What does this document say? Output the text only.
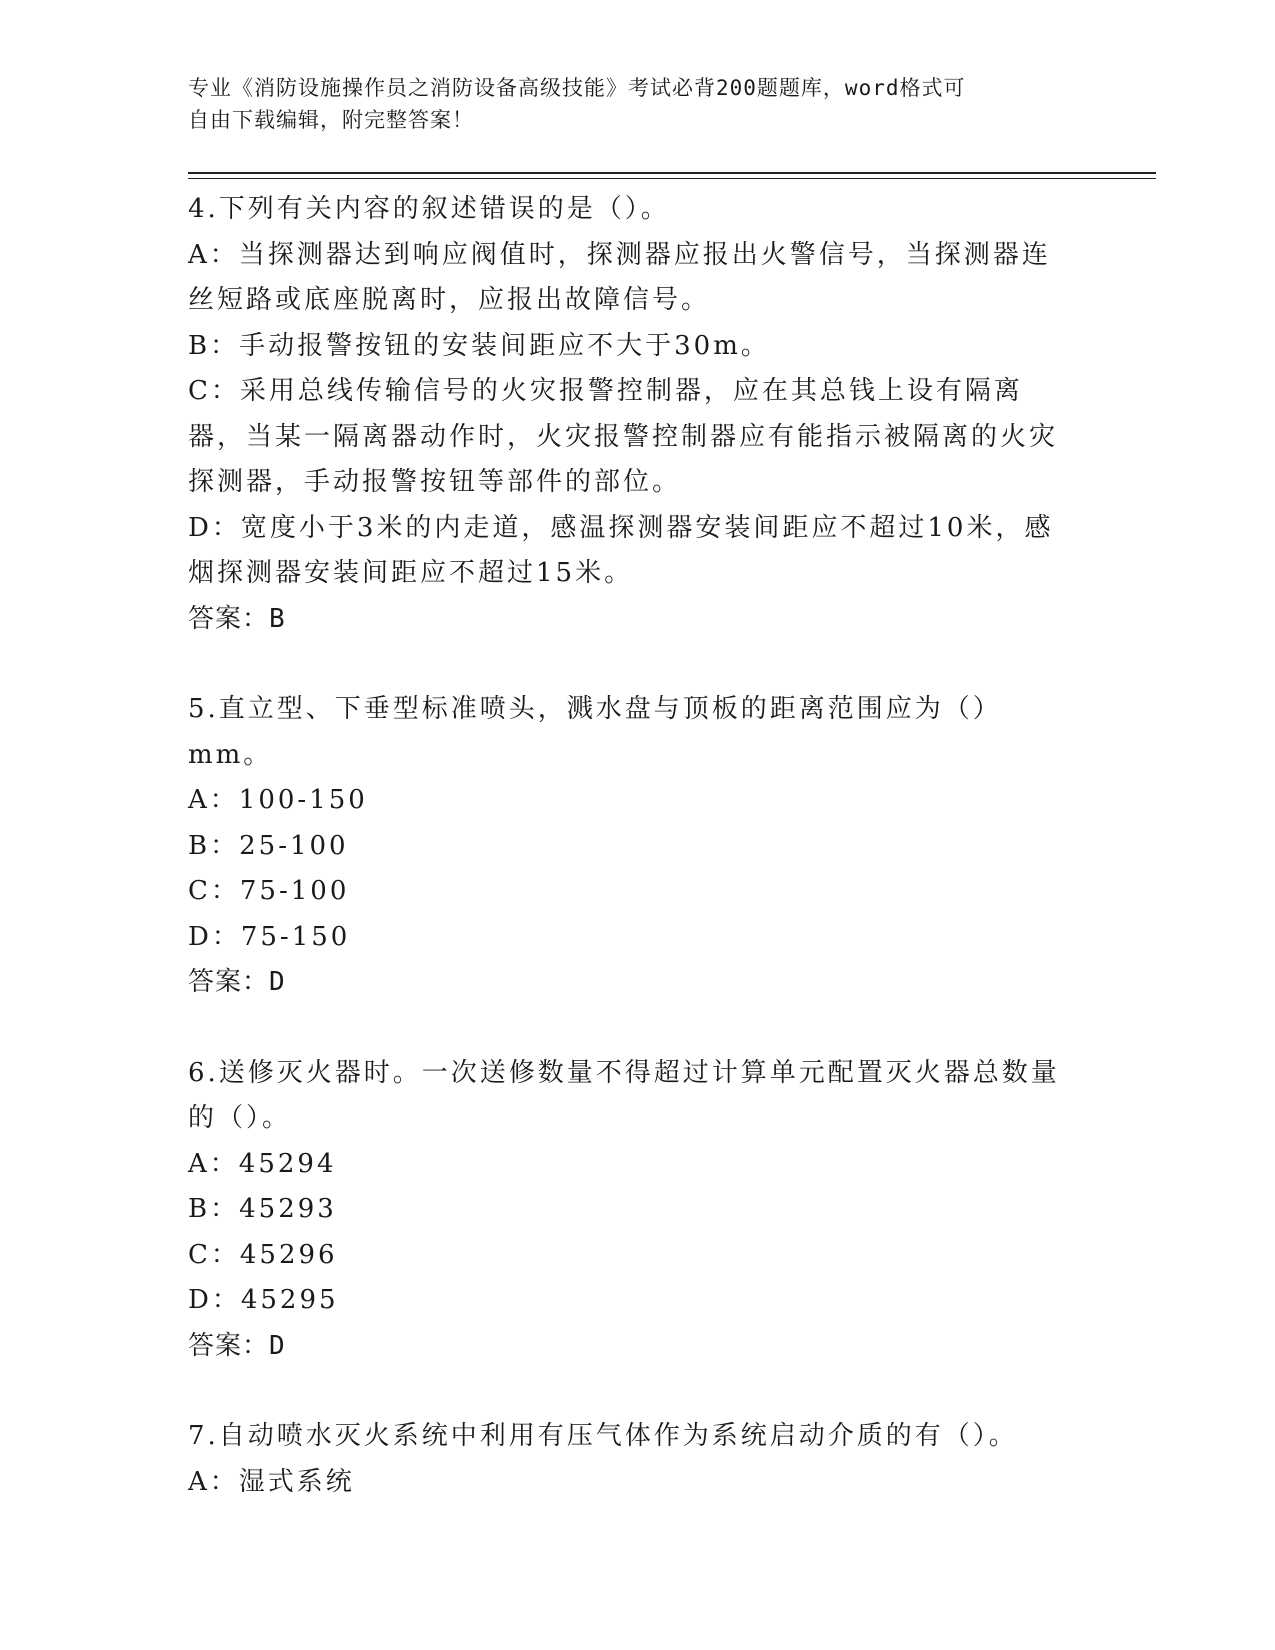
专业《消防设施操作员之消防设备高级技能》考试必背200题题库，word格式可
自由下载编辑，附完整答案！

4.下列有关内容的叙述错误的是（）。

A：当探测器达到响应阀值时，探测器应报出火警信号，当探测器连丝短路或底座脱离时，应报出故障信号。

B：手动报警按钮的安装间距应不大于30m。

C：采用总线传输信号的火灾报警控制器，应在其总钱上设有隔离器，当某一隔离器动作时，火灾报警控制器应有能指示被隔离的火灾探测器，手动报警按钮等部件的部位。

D：宽度小于3米的内走道，感温探测器安装间距应不超过10米，感烟探测器安装间距应不超过15米。

答案：B

5.直立型、下垂型标准喷头，溅水盘与顶板的距离范围应为（）mm。

A：100-150

B：25-100

C：75-100

D：75-150

答案：D

6.送修灭火器时。一次送修数量不得超过计算单元配置灭火器总数量的（）。

A：45294

B：45293

C：45296

D：45295

答案：D

7.自动喷水灭火系统中利用有压气体作为系统启动介质的有（）。

A：湿式系统
